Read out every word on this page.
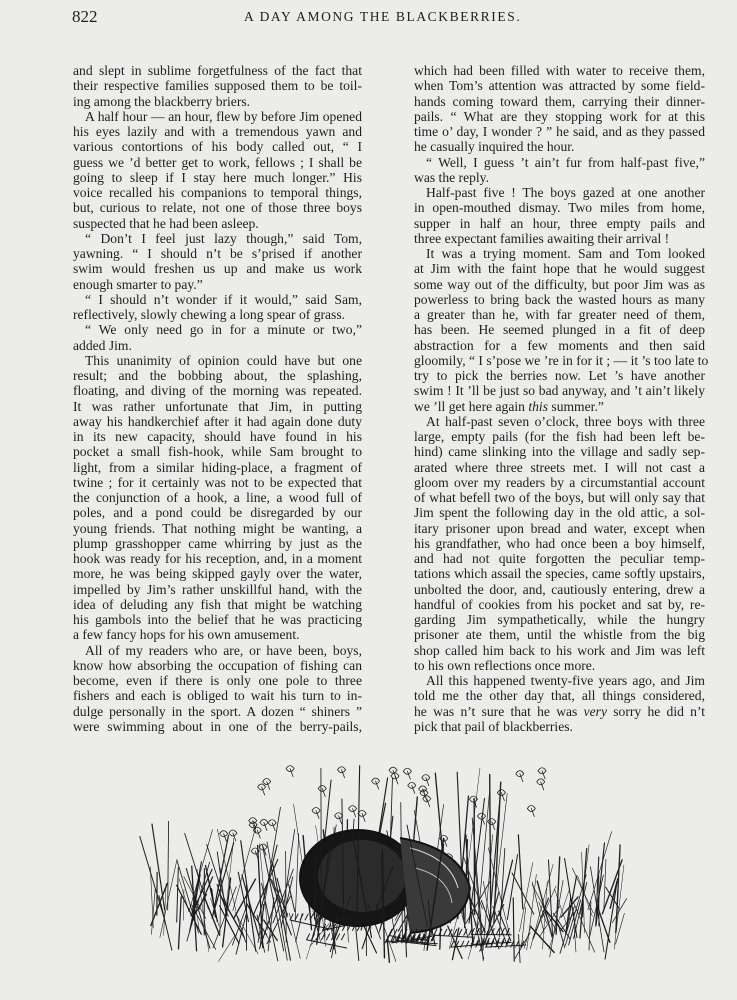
822	A DAY AMONG THE BLACKBERRIES.
and slept in sublime forgetfulness of the fact that
their respective families supposed them to be toil-
ing among the blackberry briers.
A half hour — an hour, flew by before Jim opened
his eyes lazily and with a tremendous yawn and
various contortions of his body called out, “ I
guess we ’d better get to work, fellows ; I shall be
going to sleep if I stay here much longer.” His
voice recalled his companions to temporal things,
but, curious to relate, not one of those three boys
suspected that he had been asleep.
“ Don’t I feel just lazy though,” said Tom,
yawning. “ I should n’t be s’prised if another
swim would freshen us up and make us work
enough smarter to pay.”
“ I should n’t wonder if it would,” said Sam,
reflectively, slowly chewing a long spear of grass.
“ We only need go in for a minute or two,”
added Jim.
This unanimity of opinion could have but one
result; and the bobbing about, the splashing,
floating, and diving of the morning was repeated.
It was rather unfortunate that Jim, in putting
away his handkerchief after it had again done duty
in its new capacity, should have found in his
pocket a small fish-hook, while Sam brought to
light, from a similar hiding-place, a fragment of
twine ; for it certainly was not to be expected that
the conjunction of a hook, a line, a wood full of
poles, and a pond could be disregarded by our
young friends. That nothing might be wanting, a
plump grasshopper came whirring by just as the
hook was ready for his reception, and, in a moment
more, he was being skipped gayly over the water,
impelled by Jim’s rather unskillful hand, with the
idea of deluding any fish that might be watching
his gambols into the belief that he was practicing
a few fancy hops for his own amusement.
All of my readers who are, or have been, boys,
know how absorbing the occupation of fishing can
become, even if there is only one pole to three
fishers and each is obliged to wait his turn to in-
dulge personally in the sport. A dozen “ shiners ”
were swimming about in one of the berry-pails,
which had been filled with water to receive them,
when Tom’s attention was attracted by some field-
hands coming toward them, carrying their dinner-
pails. “ What are they stopping work for at this
time o’ day, I wonder ? ” he said, and as they passed
he casually inquired the hour.
“ Well, I guess ’t ain’t fur from half-past five,”
was the reply.
Half-past five ! The boys gazed at one another
in open-mouthed dismay. Two miles from home,
supper in half an hour, three empty pails and
three expectant families awaiting their arrival !
It was a trying moment. Sam and Tom looked
at Jim with the faint hope that he would suggest
some way out of the difficulty, but poor Jim was as
powerless to bring back the wasted hours as many
a greater than he, with far greater need of them,
has been. He seemed plunged in a fit of deep
abstraction for a few moments and then said
gloomily, “ I s’pose we ’re in for it ; — it ’s too late to
try to pick the berries now. Let ’s have another
swim ! It ’ll be just so bad anyway, and ’t ain’t likely
we ’ll get here again this summer.”
At half-past seven o’clock, three boys with three
large, empty pails (for the fish had been left be-
hind) came slinking into the village and sadly sep-
arated where three streets met. I will not cast a
gloom over my readers by a circumstantial account
of what befell two of the boys, but will only say that
Jim spent the following day in the old attic, a sol-
itary prisoner upon bread and water, except when
his grandfather, who had once been a boy himself,
and had not quite forgotten the peculiar temp-
tations which assail the species, came softly upstairs,
unbolted the door, and, cautiously entering, drew a
handful of cookies from his pocket and sat by, re-
garding Jim sympathetically, while the hungry
prisoner ate them, until the whistle from the big
shop called him back to his work and Jim was left
to his own reflections once more.
All this happened twenty-five years ago, and Jim
told me the other day that, all things considered,
he was n’t sure that he was very sorry he did n’t
pick that pail of blackberries.
